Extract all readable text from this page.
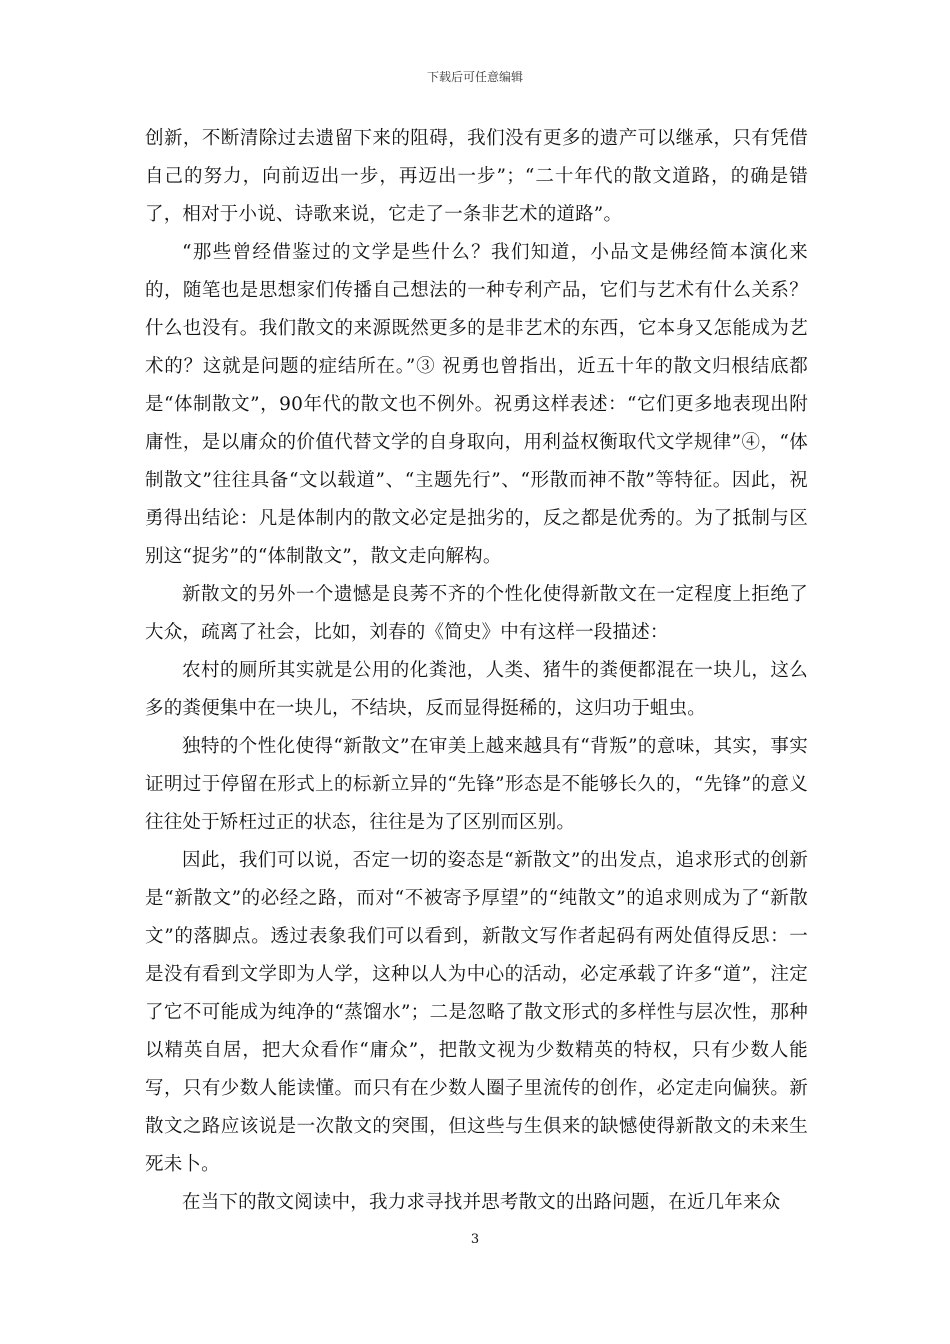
下载后可任意编辑

创新，不断清除过去遗留下来的阻碍，我们没有更多的遗产可以继承，只有凭借自己的努力，向前迈出一步，再迈出一步”；“二十年代的散文道路，的确是错了，相对于小说、诗歌来说，它走了一条非艺术的道路”。

“那些曾经借鉴过的文学是些什么？我们知道，小品文是佛经简本演化来的，随笔也是思想家们传播自己想法的一种专利产品，它们与艺术有什么关系？什么也没有。我们散文的来源既然更多的是非艺术的东西，它本身又怎能成为艺术的？这就是问题的症结所在。”③ 祝勇也曾指出，近五十年的散文归根结底都是“体制散文”，90年代的散文也不例外。祝勇这样表述：“它们更多地表现出附庸性，是以庸众的价值代替文学的自身取向，用利益权衡取代文学规律”④，“体制散文”往往具备“文以载道”、“主题先行”、“形散而神不散”等特征。因此，祝勇得出结论：凡是体制内的散文必定是拙劣的，反之都是优秀的。为了抵制与区别这“捉劣”的“体制散文”，散文走向解构。

新散文的另外一个遗憾是良莠不齐的个性化使得新散文在一定程度上拒绝了大众，疏离了社会，比如，刘春的《简史》中有这样一段描述：

农村的厕所其实就是公用的化粪池，人类、猪牛的粪便都混在一块儿，这么多的粪便集中在一块儿，不结块，反而显得挺稀的，这归功于蛆虫。

独特的个性化使得“新散文”在审美上越来越具有“背叛”的意味，其实，事实证明过于停留在形式上的标新立异的“先锋”形态是不能够长久的，“先锋”的意义往往处于矫枉过正的状态，往往是为了区别而区别。

因此，我们可以说，否定一切的姿态是“新散文”的出发点，追求形式的创新是“新散文”的必经之路，而对“不被寄予厚望”的“纯散文”的追求则成为了“新散文”的落脚点。透过表象我们可以看到，新散文写作者起码有两处值得反思：一是没有看到文学即为人学，这种以人为中心的活动，必定承载了许多“道”，注定了它不可能成为纯净的“蒸馏水”；二是忽略了散文形式的多样性与层次性，那种以精英自居，把大众看作“庸众”，把散文视为少数精英的特权，只有少数人能写，只有少数人能读懂。而只有在少数人圈子里流传的创作，必定走向偏狭。新散文之路应该说是一次散文的突围，但这些与生俱来的缺憾使得新散文的未来生死未卜。

在当下的散文阅读中，我力求寻找并思考散文的出路问题，在近几年来众

3
